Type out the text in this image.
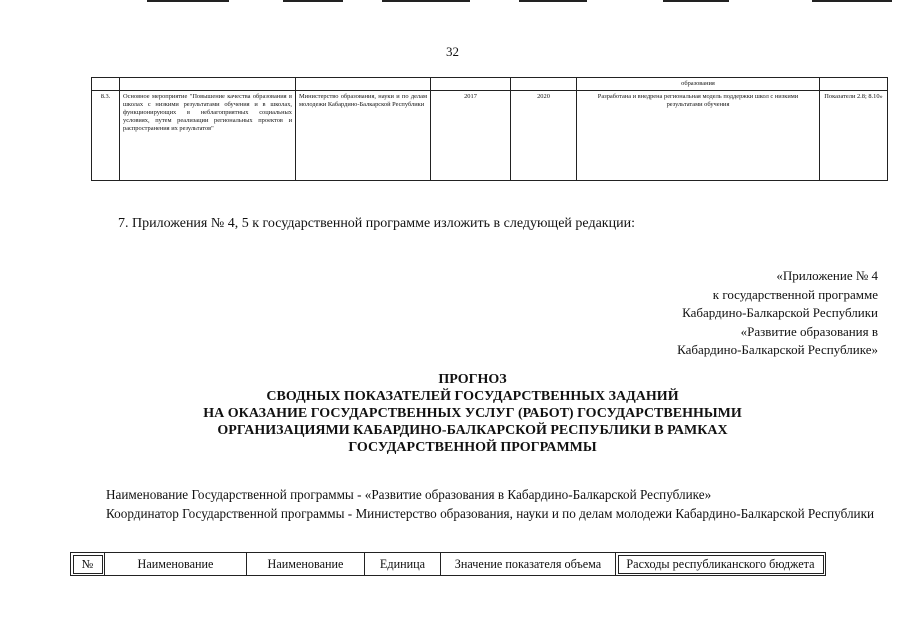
32
					образования	
8.3.	Основное мероприятие "Повышение качества образования в школах с низкими результатами обучения и в школах, функционирующих в неблагоприятных социальных условиях, путем реализации региональных проектов и распространения их результатов"	Министерство образования, науки и по делам молодежи Кабардино-Балкарской Республики	2017	2020	Разработана и внедрена региональная модель поддержки школ с низкими результатами обучения	Показатели 2.8; 8.10»
7. Приложения № 4, 5 к государственной программе изложить в следующей редакции:
«Приложение № 4
к государственной программе
Кабардино-Балкарской Республики
«Развитие образования в
Кабардино-Балкарской Республике»
ПРОГНОЗ
СВОДНЫХ ПОКАЗАТЕЛЕЙ ГОСУДАРСТВЕННЫХ ЗАДАНИЙ
НА ОКАЗАНИЕ ГОСУДАРСТВЕННЫХ УСЛУГ (РАБОТ) ГОСУДАРСТВЕННЫМИ
ОРГАНИЗАЦИЯМИ КАБАРДИНО-БАЛКАРСКОЙ РЕСПУБЛИКИ В РАМКАХ
ГОСУДАРСТВЕННОЙ ПРОГРАММЫ
Наименование Государственной программы - «Развитие образования в Кабардино-Балкарской Республике»
Координатор Государственной программы - Министерство образования, науки и по делам молодежи Кабардино-Балкарской Республики
№	Наименование	Наименование	Единица	Значение показателя объема	Расходы республиканского бюджета
